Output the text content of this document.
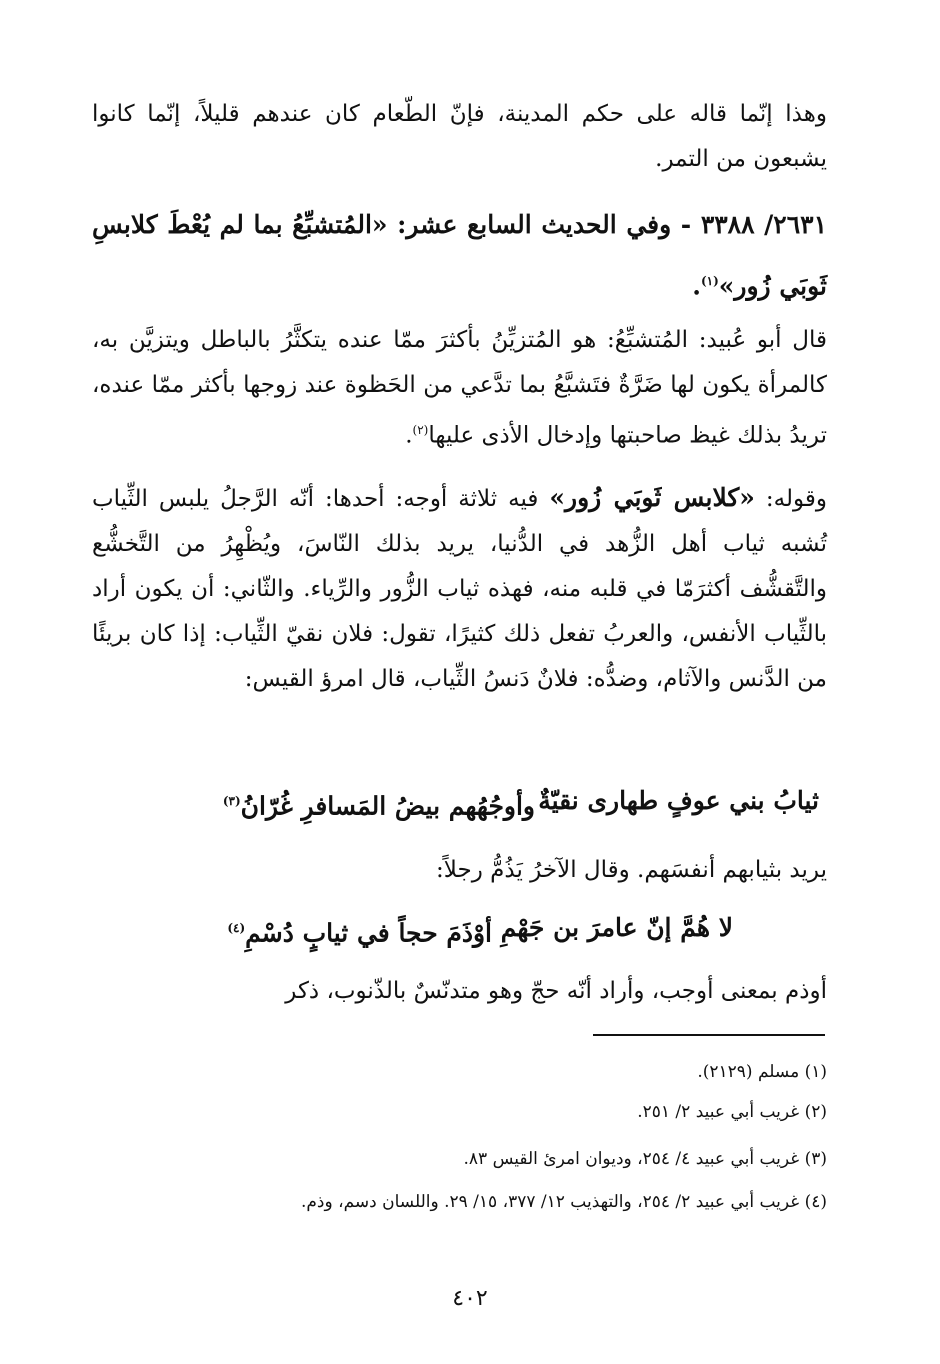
وهذا إنّما قاله على حكم المدينة، فإنّ الطّعام كان عندهم قليلاً، إنّما كانوا يشبعون من التمر.
٢٦٣١/ ٣٣٨٨ - وفي الحديث السابع عشر: «المُتشبِّعُ بما لم يُعْطَ كلابسِ ثَوبَي زُور»$^{(١)}$.
قال أبو عُبيد: المُتشبِّعُ: هو المُتزيِّنُ بأكثرَ ممّا عنده يتكثَّرُ بالباطل ويتزيَّن به، كالمرأة يكون لها ضَرَّةٌ فتَشبَّعُ بما تدَّعي من الحَظوة عند زوجها بأكثر ممّا عنده، تريدُ بذلك غيظ صاحبتها وإدخال الأذى عليها$^{(٢)}$.
وقوله: «كلابس ثَوبَي زُور» فيه ثلاثة أوجه: أحدها: أنّه الرَّجلُ يلبس الثِّياب تُشبه ثياب أهل الزُّهد في الدُّنيا، يريد بذلك النّاسَ، ويُظْهِرُ من التَّخشُّع والتَّقشُّف أكثرَمّا في قلبه منه، فهذه ثياب الزُّور والرِّياء. والثّاني: أن يكون أراد بالثِّياب الأنفس، والعربُ تفعل ذلك كثيرًا، تقول: فلان نقيّ الثِّياب: إذا كان بريئًا من الدَّنس والآثام، وضدُّه: فلانٌ دَنسُ الثِّياب، قال امرؤ القيس:
ثيابُ بني عوفٍ طهارى نقيّةٌ
وأوجُهُهم بيضُ المَسافرِ غُرّانُ$^{(٣)}$
يريد بثيابهم أنفسَهم. وقال الآخرُ يَذُمُّ رجلاً:
لا هُمَّ إنّ عامرَ بن جَهْمِ
أوْذَمَ حجاً في ثيابٍ دُسْمِ$^{(٤)}$
أوذم بمعنى أوجب، وأراد أنّه حجّ وهو متدنّسٌ بالذّنوب، ذكر
(١) مسلم (٢١٢٩).
(٢) غريب أبي عبيد ٢/ ٢٥١.
(٣) غريب أبي عبيد ٤/ ٢٥٤، وديوان امرئ القيس ٨٣.
(٤) غريب أبي عبيد ٢/ ٢٥٤، والتهذيب ١٢/ ٣٧٧، ١٥/ ٢٩. واللسان دسم، وذم.
٤٠٢
